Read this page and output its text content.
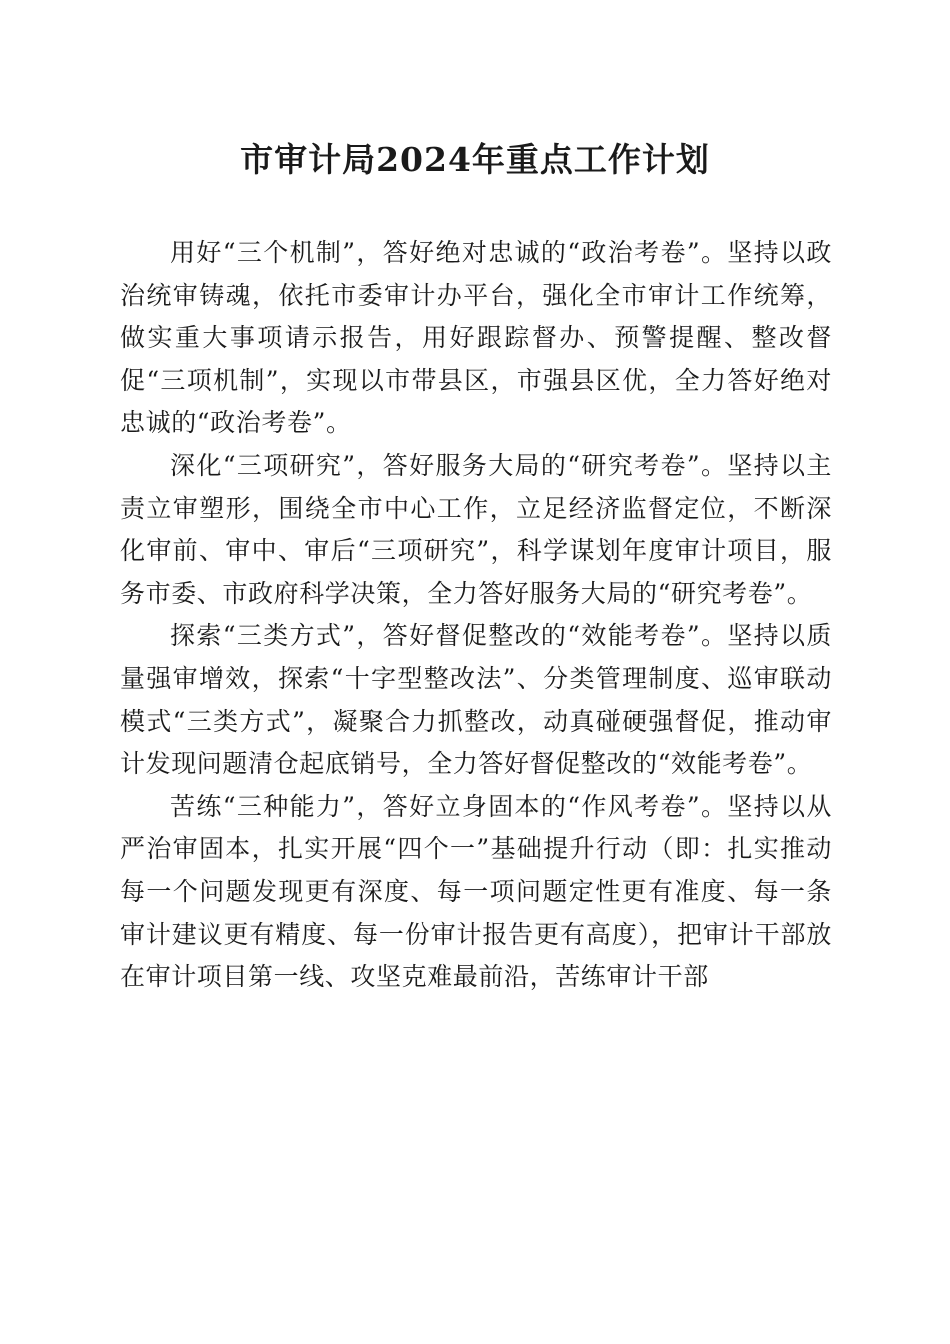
市审计局2024年重点工作计划

用好“三个机制”，答好绝对忠诚的“政治考卷”。坚持以政治统审铸魂，依托市委审计办平台，强化全市审计工作统筹，做实重大事项请示报告，用好跟踪督办、预警提醒、整改督促“三项机制”，实现以市带县区，市强县区优，全力答好绝对忠诚的“政治考卷”。

深化“三项研究”，答好服务大局的“研究考卷”。坚持以主责立审塑形，围绕全市中心工作，立足经济监督定位，不断深化审前、审中、审后“三项研究”，科学谋划年度审计项目，服务市委、市政府科学决策，全力答好服务大局的“研究考卷”。

探索“三类方式”，答好督促整改的“效能考卷”。坚持以质量强审增效，探索“十字型整改法”、分类管理制度、巡审联动模式“三类方式”，凝聚合力抓整改，动真碰硬强督促，推动审计发现问题清仓起底销号，全力答好督促整改的“效能考卷”。

苦练“三种能力”，答好立身固本的“作风考卷”。坚持以从严治审固本，扎实开展“四个一”基础提升行动（即：扎实推动每一个问题发现更有深度、每一项问题定性更有准度、每一条审计建议更有精度、每一份审计报告更有高度），把审计干部放在审计项目第一线、攻坚克难最前沿，苦练审计干部
